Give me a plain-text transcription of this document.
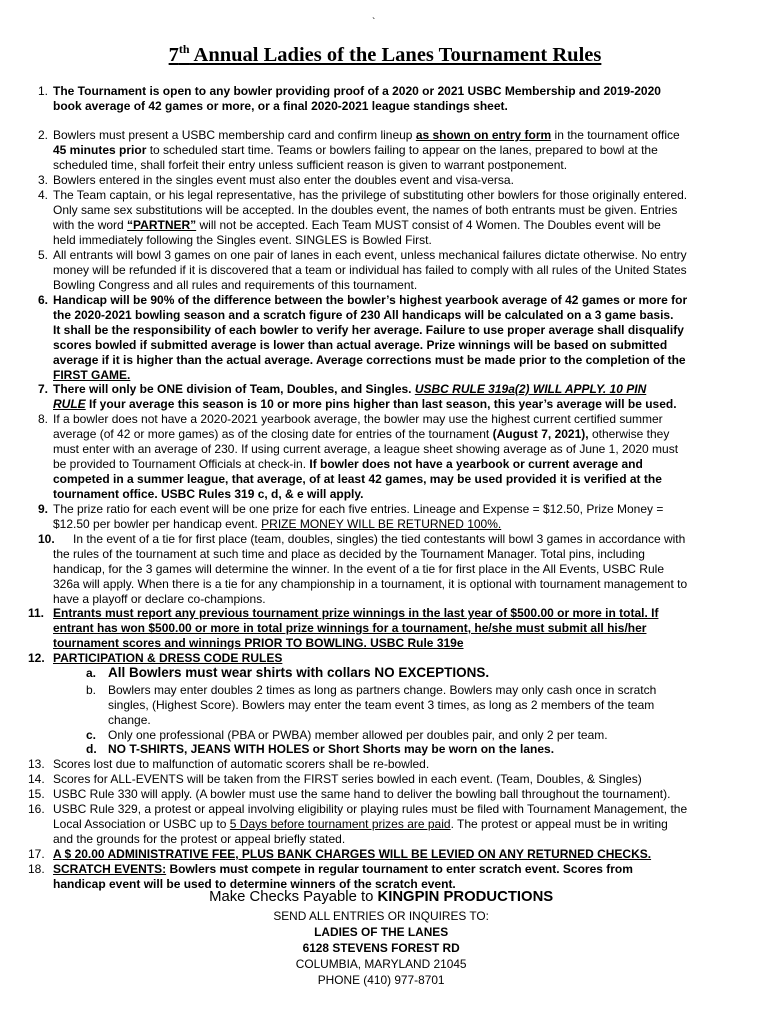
`
7th Annual Ladies of the Lanes Tournament Rules
1. The Tournament is open to any bowler providing proof of a 2020 or 2021 USBC Membership and 2019-2020
book average of 42 games or more, or a final 2020-2021 league standings sheet.
2. Bowlers must present a USBC membership card and confirm lineup as shown on entry form in the tournament office
45 minutes prior to scheduled start time. Teams or bowlers failing to appear on the lanes, prepared to bowl at the
scheduled time, shall forfeit their entry unless sufficient reason is given to warrant postponement.
3. Bowlers entered in the singles event must also enter the doubles event and visa-versa.
4. The Team captain, or his legal representative, has the privilege of substituting other bowlers for those originally entered.
Only same sex substitutions will be accepted. In the doubles event, the names of both entrants must be given. Entries
with the word “PARTNER” will not be accepted. Each Team MUST consist of 4 Women. The Doubles event will be
held immediately following the Singles event. SINGLES is Bowled First.
5. All entrants will bowl 3 games on one pair of lanes in each event, unless mechanical failures dictate otherwise. No entry
money will be refunded if it is discovered that a team or individual has failed to comply with all rules of the United States
Bowling Congress and all rules and requirements of this tournament.
6. Handicap will be 90% of the difference between the bowler’s highest yearbook average of 42 games or more for
the 2020-2021 bowling season and a scratch figure of 230 All handicaps will be calculated on a 3 game basis.
It shall be the responsibility of each bowler to verify her average. Failure to use proper average shall disqualify
scores bowled if submitted average is lower than actual average. Prize winnings will be based on submitted
average if it is higher than the actual average. Average corrections must be made prior to the completion of the
FIRST GAME.
7. There will only be ONE division of Team, Doubles, and Singles. USBC RULE 319a(2) WILL APPLY. 10 PIN
RULE If your average this season is 10 or more pins higher than last season, this year’s average will be used.
8. If a bowler does not have a 2020-2021 yearbook average, the bowler may use the highest current certified summer
average (of 42 or more games) as of the closing date for entries of the tournament (August 7, 2021), otherwise they
must enter with an average of 230. If using current average, a league sheet showing average as of June 1, 2020 must
be provided to Tournament Officials at check-in. If bowler does not have a yearbook or current average and
competed in a summer league, that average, of at least 42 games, may be used provided it is verified at the
tournament office. USBC Rules 319 c, d, & e will apply.
9. The prize ratio for each event will be one prize for each five entries. Lineage and Expense = $12.50, Prize Money =
$12.50 per bowler per handicap event. PRIZE MONEY WILL BE RETURNED 100%.
10. In the event of a tie for first place (team, doubles, singles) the tied contestants will bowl 3 games in accordance with
the rules of the tournament at such time and place as decided by the Tournament Manager. Total pins, including
handicap, for the 3 games will determine the winner. In the event of a tie for first place in the All Events, USBC Rule
326a will apply. When there is a tie for any championship in a tournament, it is optional with tournament management to
have a playoff or declare co-champions.
11. Entrants must report any previous tournament prize winnings in the last year of $500.00 or more in total. If
entrant has won $500.00 or more in total prize winnings for a tournament, he/she must submit all his/her
tournament scores and winnings PRIOR TO BOWLING. USBC Rule 319e
12. PARTICIPATION & DRESS CODE RULES
a. All Bowlers must wear shirts with collars NO EXCEPTIONS.
b. Bowlers may enter doubles 2 times as long as partners change. Bowlers may only cash once in scratch
singles, (Highest Score). Bowlers may enter the team event 3 times, as long as 2 members of the team
change.
c. Only one professional (PBA or PWBA) member allowed per doubles pair, and only 2 per team.
d. NO T-SHIRTS, JEANS WITH HOLES or Short Shorts may be worn on the lanes.
13. Scores lost due to malfunction of automatic scorers shall be re-bowled.
14. Scores for ALL-EVENTS will be taken from the FIRST series bowled in each event. (Team, Doubles, & Singles)
15. USBC Rule 330 will apply. (A bowler must use the same hand to deliver the bowling ball throughout the tournament).
16. USBC Rule 329, a protest or appeal involving eligibility or playing rules must be filed with Tournament Management, the
Local Association or USBC up to 5 Days before tournament prizes are paid. The protest or appeal must be in writing
and the grounds for the protest or appeal briefly stated.
17. A $ 20.00 ADMINISTRATIVE FEE, PLUS BANK CHARGES WILL BE LEVIED ON ANY RETURNED CHECKS.
18. SCRATCH EVENTS: Bowlers must compete in regular tournament to enter scratch event. Scores from
handicap event will be used to determine winners of the scratch event.
Make Checks Payable to KINGPIN PRODUCTIONS
SEND ALL ENTRIES OR INQUIRES TO:
LADIES OF THE LANES
6128 STEVENS FOREST RD
COLUMBIA, MARYLAND 21045
PHONE (410) 977-8701
